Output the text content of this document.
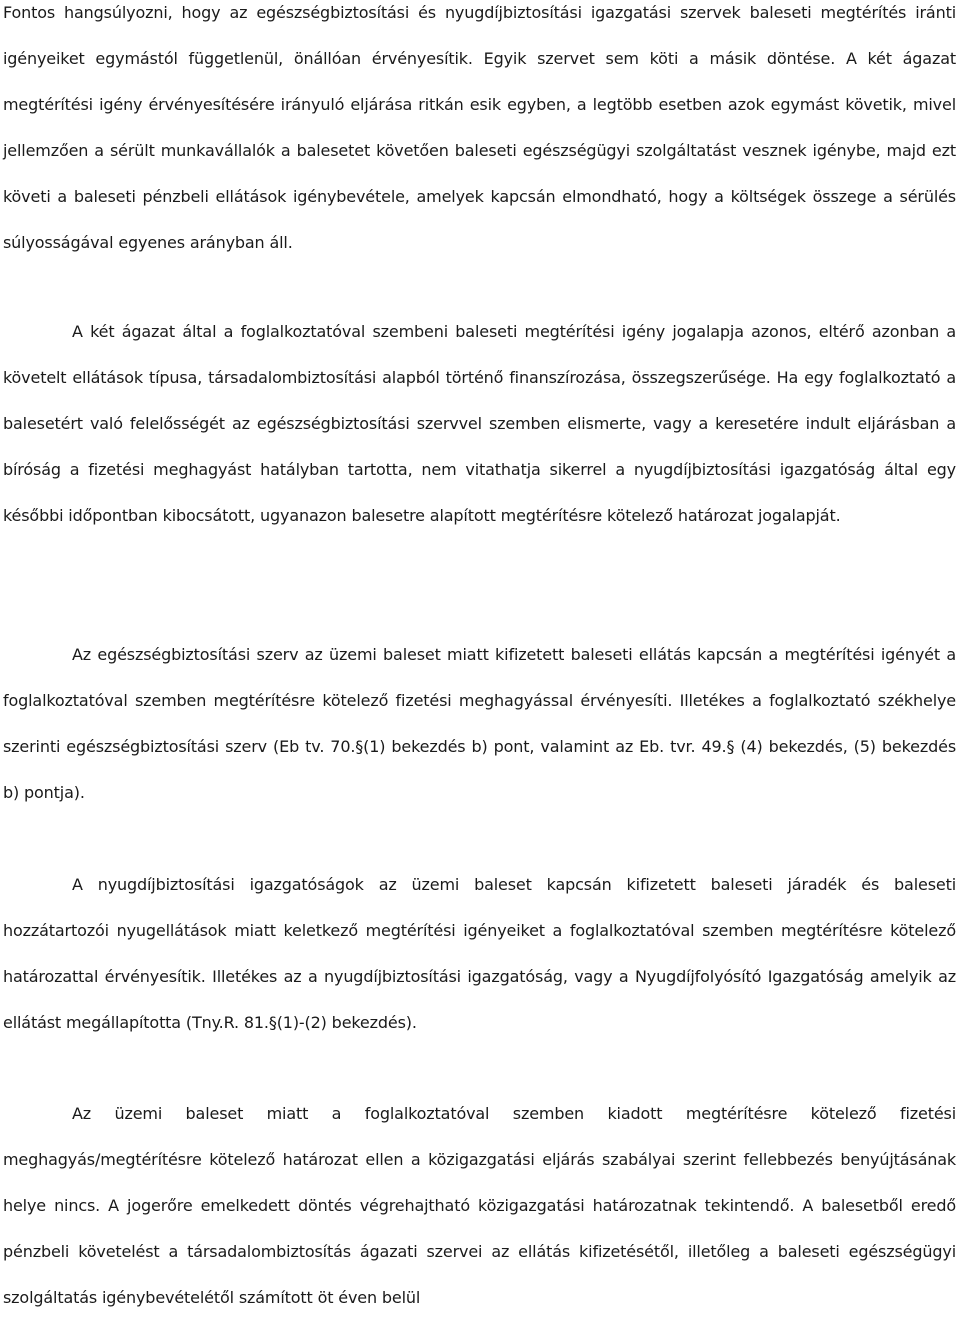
Fontos hangsúlyozni, hogy az egészségbiztosítási és nyugdíjbiztosítási igazgatási szervek baleseti megtérítés iránti igényeiket egymástól függetlenül, önállóan érvényesítik. Egyik szervet sem köti a másik döntése. A két ágazat megtérítési igény érvényesítésére irányuló eljárása ritkán esik egyben, a legtöbb esetben azok egymást követik, mivel jellemzően a sérült munkavállalók a balesetet követően baleseti egészségügyi szolgáltatást vesznek igénybe, majd ezt követi a baleseti pénzbeli ellátások igénybevétele, amelyek kapcsán elmondható, hogy a költségek összege a sérülés súlyosságával egyenes arányban áll.

A két ágazat által a foglalkoztatóval szembeni baleseti megtérítési igény jogalapja azonos, eltérő azonban a követelt ellátások típusa, társadalombiztosítási alapból történő finanszírozása, összegszerűsége. Ha egy foglalkoztató a balesetért való felelősségét az egészségbiztosítási szervvel szemben elismerte, vagy a keresetére indult eljárásban a bíróság a fizetési meghagyást hatályban tartotta, nem vitathatja sikerrel a nyugdíjbiztosítási igazgatóság által egy későbbi időpontban kibocsátott, ugyanazon balesetre alapított megtérítésre kötelező határozat jogalapját.

Az egészségbiztosítási szerv az üzemi baleset miatt kifizetett baleseti ellátás kapcsán a megtérítési igényét a foglalkoztatóval szemben megtérítésre kötelező fizetési meghagyással érvényesíti. Illetékes a foglalkoztató székhelye szerinti egészségbiztosítási szerv (Eb tv. 70.§(1) bekezdés b) pont, valamint az Eb. tvr. 49.§ (4) bekezdés, (5) bekezdés b) pontja).

A nyugdíjbiztosítási igazgatóságok az üzemi baleset kapcsán kifizetett baleseti járadék és baleseti hozzátartozói nyugellátások miatt keletkező megtérítési igényeiket a foglalkoztatóval szemben megtérítésre kötelező határozattal érvényesítik. Illetékes az a nyugdíjbiztosítási igazgatóság, vagy a Nyugdíjfolyósító Igazgatóság amelyik az ellátást megállapította (Tny.R. 81.§(1)-(2) bekezdés).

Az üzemi baleset miatt a foglalkoztatóval szemben kiadott megtérítésre kötelező fizetési meghagyás/megtérítésre kötelező határozat ellen a közigazgatási eljárás szabályai szerint fellebbezés benyújtásának helye nincs. A jogerőre emelkedett döntés végrehajtható közigazgatási határozatnak tekintendő. A balesetből eredő pénzbeli követelést a társadalombiztosítás ágazati szervei az ellátás kifizetésétől, illetőleg a baleseti egészségügyi szolgáltatás igénybevételétől számított öt éven belül
